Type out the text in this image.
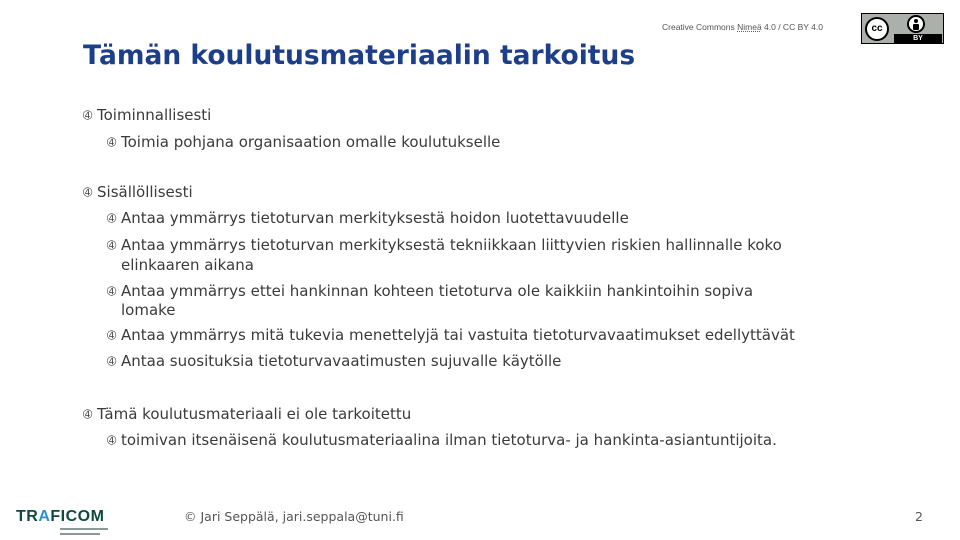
Creative Commons Nimeä 4.0 / CC BY 4.0	cc
BY
Tämän koulutusmateriaalin tarkoitus
➃ Toiminnallisesti
➃ Toimia pohjana organisaation omalle koulutukselle
➃ Sisällöllisesti
➃ Antaa ymmärrys tietoturvan merkityksestä hoidon luotettavuudelle
➃ Antaa ymmärrys tietoturvan merkityksestä tekniikkaan liittyvien riskien hallinnalle koko
elinkaaren aikana
➃ Antaa ymmärrys ettei hankinnan kohteen tietoturva ole kaikkiin hankintoihin sopiva
lomake
➃ Antaa ymmärrys mitä tukevia menettelyjä tai vastuita tietoturvavaatimukset edellyttävät
➃ Antaa suosituksia tietoturvavaatimusten sujuvalle käytölle
➃ Tämä koulutusmateriaali ei ole tarkoitettu
➃ toimivan itsenäisenä koulutusmateriaalina ilman tietoturva- ja hankinta-asiantuntijoita.
TRAFICOM	© Jari Seppälä, jari.seppala@tuni.fi	2
